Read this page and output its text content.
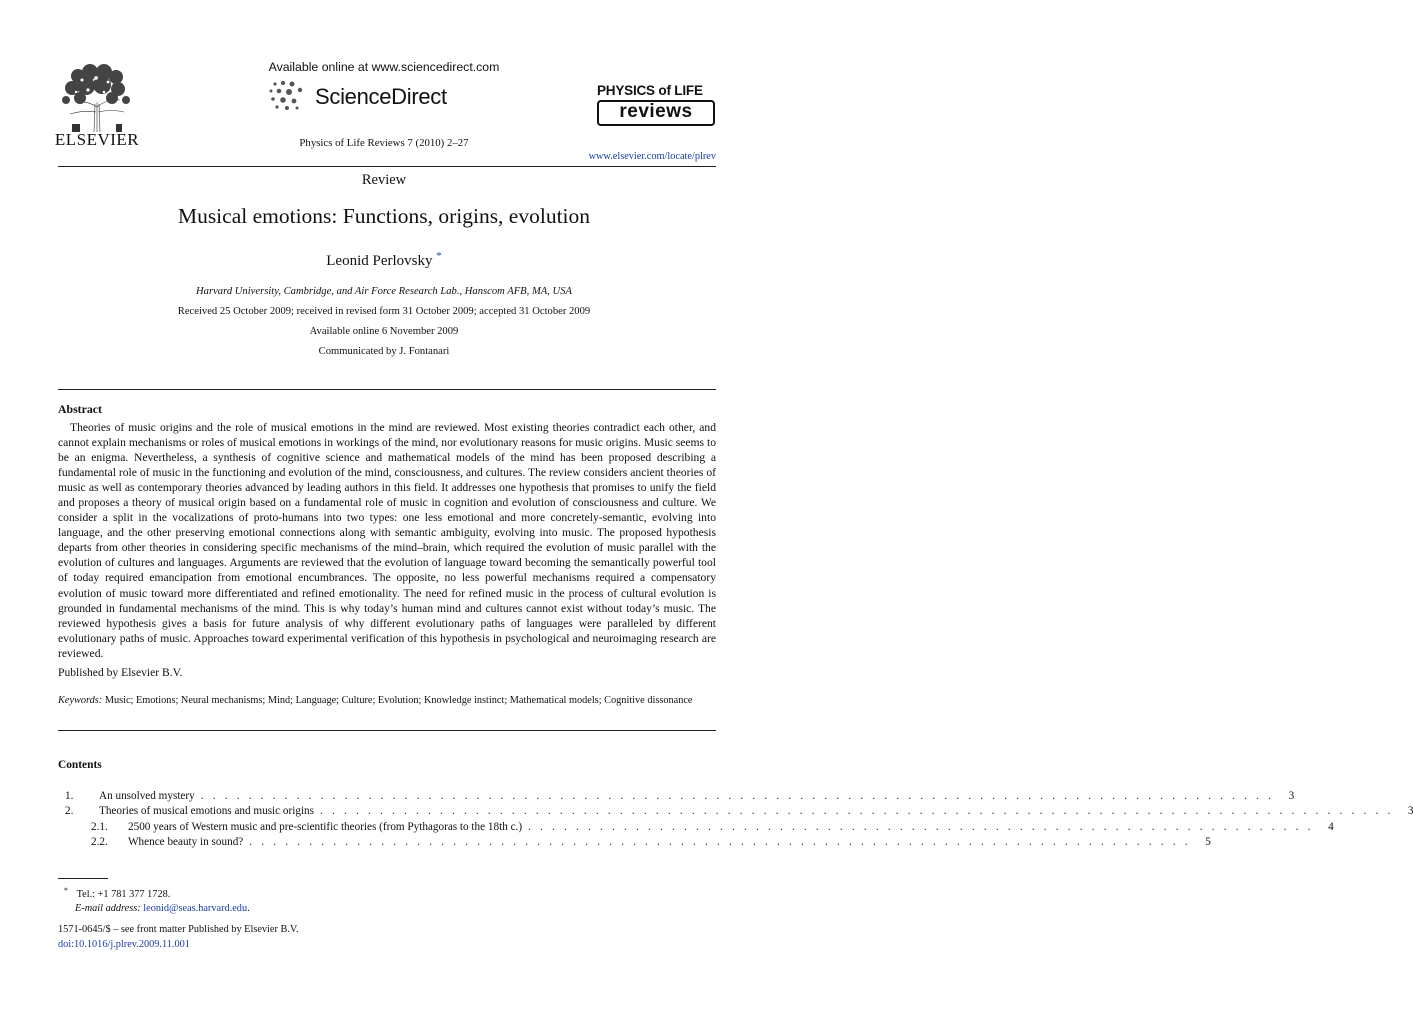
ELSEVIER
Available online at www.sciencedirect.com
ScienceDirect
Physics of Life Reviews 7 (2010) 2–27
PHYSICS of LIFE
reviews
www.elsevier.com/locate/plrev
Review
Musical emotions: Functions, origins, evolution
Leonid Perlovsky *
Harvard University, Cambridge, and Air Force Research Lab., Hanscom AFB, MA, USA
Received 25 October 2009; received in revised form 31 October 2009; accepted 31 October 2009
Available online 6 November 2009
Communicated by J. Fontanari
Abstract
Theories of music origins and the role of musical emotions in the mind are reviewed. Most existing theories contradict each other, and cannot explain mechanisms or roles of musical emotions in workings of the mind, nor evolutionary reasons for music origins. Music seems to be an enigma. Nevertheless, a synthesis of cognitive science and mathematical models of the mind has been proposed describing a fundamental role of music in the functioning and evolution of the mind, consciousness, and cultures. The review considers ancient theories of music as well as contemporary theories advanced by leading authors in this field. It addresses one hypothesis that promises to unify the field and proposes a theory of musical origin based on a fundamental role of music in cognition and evolution of consciousness and culture. We consider a split in the vocalizations of proto-humans into two types: one less emotional and more concretely-semantic, evolving into language, and the other preserving emotional connections along with semantic ambiguity, evolving into music. The proposed hypothesis departs from other theories in considering specific mechanisms of the mind–brain, which required the evolution of music parallel with the evolution of cultures and languages. Arguments are reviewed that the evolution of language toward becoming the semantically powerful tool of today required emancipation from emotional encumbrances. The opposite, no less powerful mechanisms required a compensatory evolution of music toward more differentiated and refined emotionality. The need for refined music in the process of cultural evolution is grounded in fundamental mechanisms of the mind. This is why today’s human mind and cultures cannot exist without today’s music. The reviewed hypothesis gives a basis for future analysis of why different evolutionary paths of languages were paralleled by different evolutionary paths of music. Approaches toward experimental verification of this hypothesis in psychological and neuroimaging research are reviewed.
Published by Elsevier B.V.
Keywords: Music; Emotions; Neural mechanisms; Mind; Language; Culture; Evolution; Knowledge instinct; Mathematical models; Cognitive dissonance
Contents
1.	An unsolved mystery . . . . . . . . . . . . . . . . . . . . . . . . . . . . . . . . . . . . . . . . . . . . . . . . . . . . . . . . . . . . . . . . . . . . . . . . . . . . . . . . . . . . . . . . . .	3
2.	Theories of musical emotions and music origins . . . . . . . . . . . . . . . . . . . . . . . . . . . . . . . . . . . . . . . . . . . . . . . . . . . . . . . . . . . . . . . . . . . . . . . . . . . . . . . . . . . . . . . . . .	3
2.1.	2500 years of Western music and pre-scientific theories (from Pythagoras to the 18th c.) . . . . . . . . . . . . . . . . . . . . . . . . . . . . . . . . . . . . . . . . . . . . . . . . . . . . . . . . . . . . . . . . . .	4
2.2.	Whence beauty in sound? . . . . . . . . . . . . . . . . . . . . . . . . . . . . . . . . . . . . . . . . . . . . . . . . . . . . . . . . . . . . . . . . . . . . . . . . . . . . . . .	5
* Tel.: +1 781 377 1728.
E-mail address: leonid@seas.harvard.edu.
1571-0645/$ – see front matter Published by Elsevier B.V.
doi:10.1016/j.plrev.2009.11.001
